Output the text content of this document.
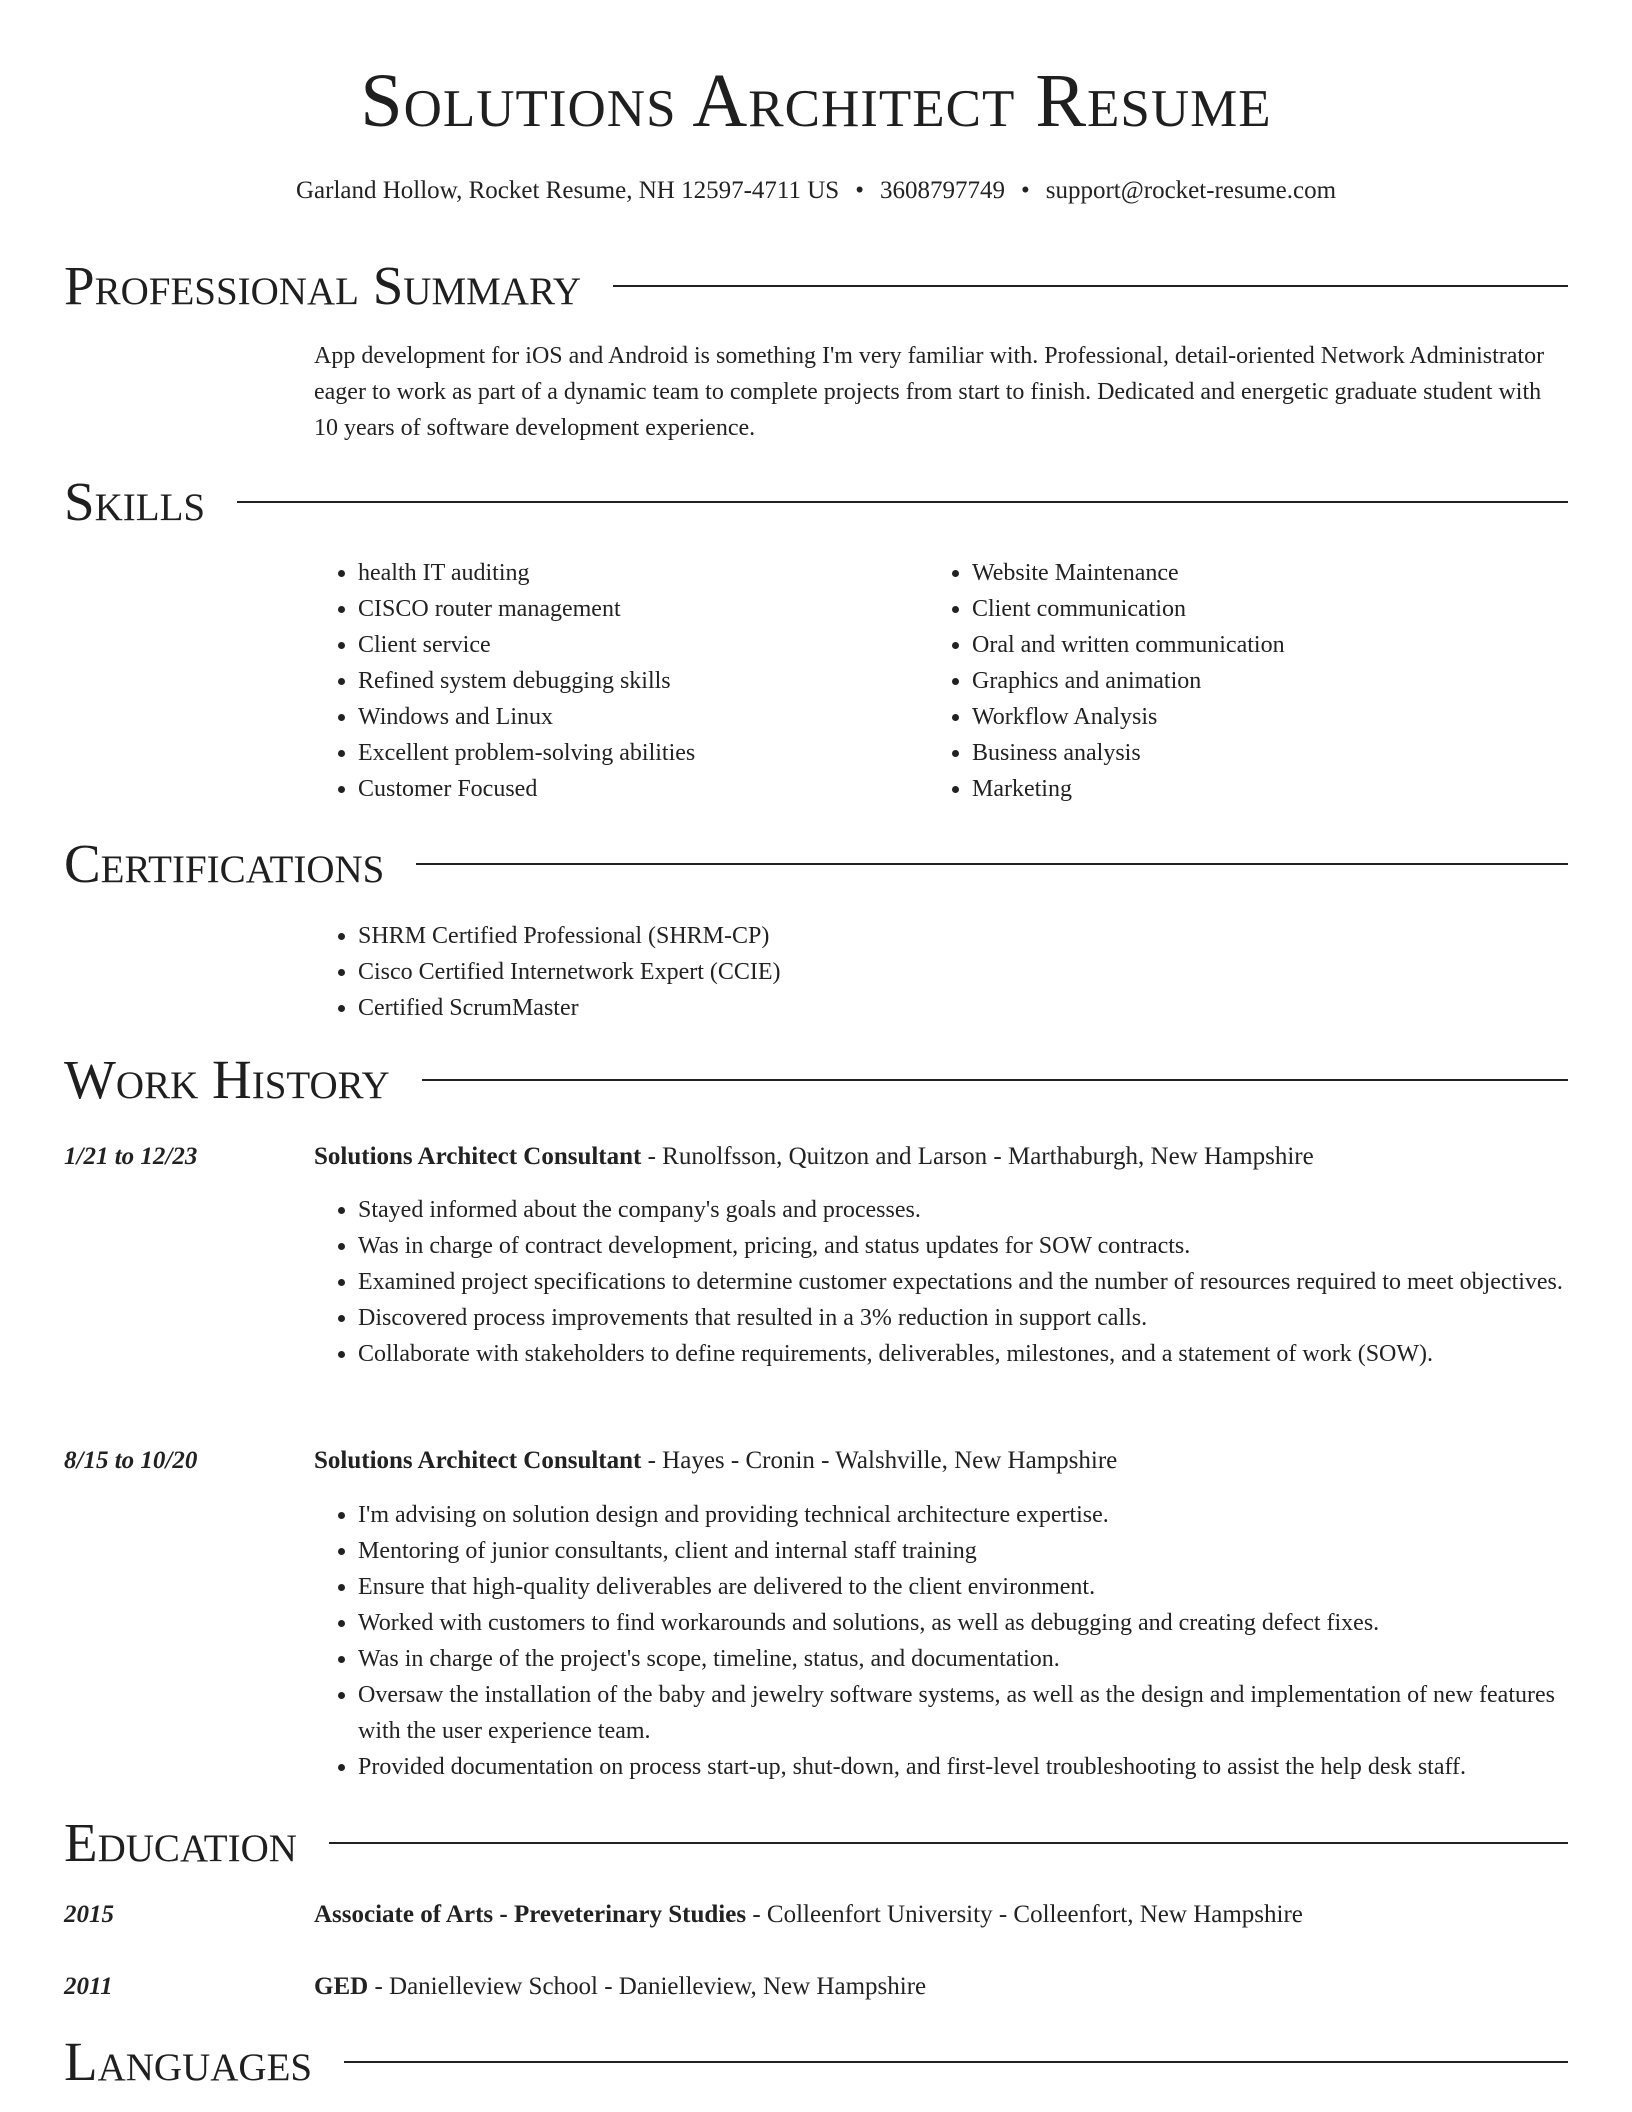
Solutions Architect Resume
Garland Hollow, Rocket Resume, NH 12597-4711 US • 3608797749 • support@rocket-resume.com
Professional Summary

App development for iOS and Android is something I'm very familiar with. Professional, detail-oriented Network Administrator eager to work as part of a dynamic team to complete projects from start to finish. Dedicated and energetic graduate student with 10 years of software development experience.

Skills
• health IT auditing
• CISCO router management
• Client service
• Refined system debugging skills
• Windows and Linux
• Excellent problem-solving abilities
• Customer Focused
• Website Maintenance
• Client communication
• Oral and written communication
• Graphics and animation
• Workflow Analysis
• Business analysis
• Marketing
Certifications
• SHRM Certified Professional (SHRM-CP)
• Cisco Certified Internetwork Expert (CCIE)
• Certified ScrumMaster
Work History
1/21 to 12/23	Solutions Architect Consultant - Runolfsson, Quitzon and Larson - Marthaburgh, New Hampshire
• Stayed informed about the company's goals and processes.
• Was in charge of contract development, pricing, and status updates for SOW contracts.
• Examined project specifications to determine customer expectations and the number of resources required to meet objectives.
• Discovered process improvements that resulted in a 3% reduction in support calls.
• Collaborate with stakeholders to define requirements, deliverables, milestones, and a statement of work (SOW).
8/15 to 10/20	Solutions Architect Consultant - Hayes - Cronin - Walshville, New Hampshire
• I'm advising on solution design and providing technical architecture expertise.
• Mentoring of junior consultants, client and internal staff training
• Ensure that high-quality deliverables are delivered to the client environment.
• Worked with customers to find workarounds and solutions, as well as debugging and creating defect fixes.
• Was in charge of the project's scope, timeline, status, and documentation.
• Oversaw the installation of the baby and jewelry software systems, as well as the design and implementation of new features with the user experience team.
• Provided documentation on process start-up, shut-down, and first-level troubleshooting to assist the help desk staff.
Education
2015	Associate of Arts - Preveterinary Studies - Colleenfort University - Colleenfort, New Hampshire
2011	GED - Danielleview School - Danielleview, New Hampshire
Languages
